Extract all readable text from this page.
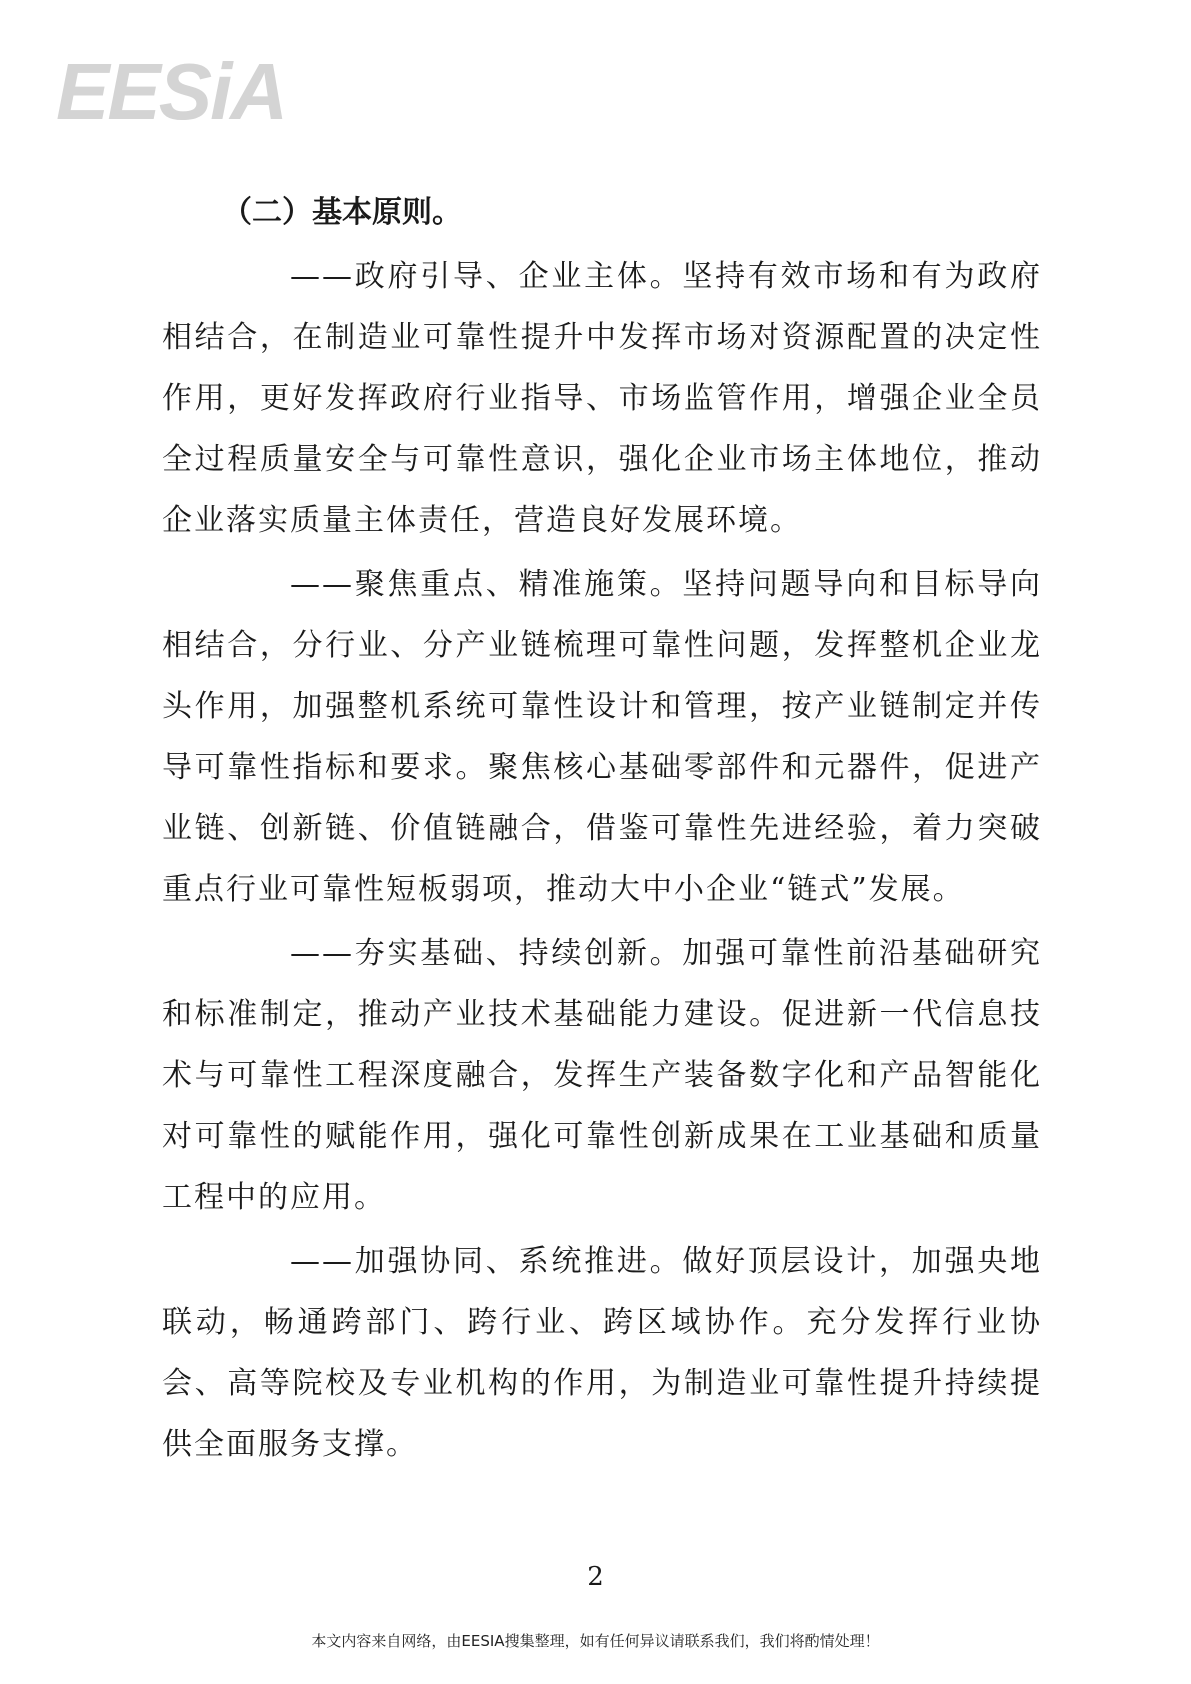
EESiA
（二）基本原则。

——政府引导、企业主体。坚持有效市场和有为政府相结合，在制造业可靠性提升中发挥市场对资源配置的决定性作用，更好发挥政府行业指导、市场监管作用，增强企业全员全过程质量安全与可靠性意识，强化企业市场主体地位，推动企业落实质量主体责任，营造良好发展环境。

——聚焦重点、精准施策。坚持问题导向和目标导向相结合，分行业、分产业链梳理可靠性问题，发挥整机企业龙头作用，加强整机系统可靠性设计和管理，按产业链制定并传导可靠性指标和要求。聚焦核心基础零部件和元器件，促进产业链、创新链、价值链融合，借鉴可靠性先进经验，着力突破重点行业可靠性短板弱项，推动大中小企业“链式”发展。

——夯实基础、持续创新。加强可靠性前沿基础研究和标准制定，推动产业技术基础能力建设。促进新一代信息技术与可靠性工程深度融合，发挥生产装备数字化和产品智能化对可靠性的赋能作用，强化可靠性创新成果在工业基础和质量工程中的应用。

——加强协同、系统推进。做好顶层设计，加强央地联动，畅通跨部门、跨行业、跨区域协作。充分发挥行业协会、高等院校及专业机构的作用，为制造业可靠性提升持续提供全面服务支撑。

2
本文内容来自网络，由EESIA搜集整理，如有任何异议请联系我们，我们将酌情处理！
